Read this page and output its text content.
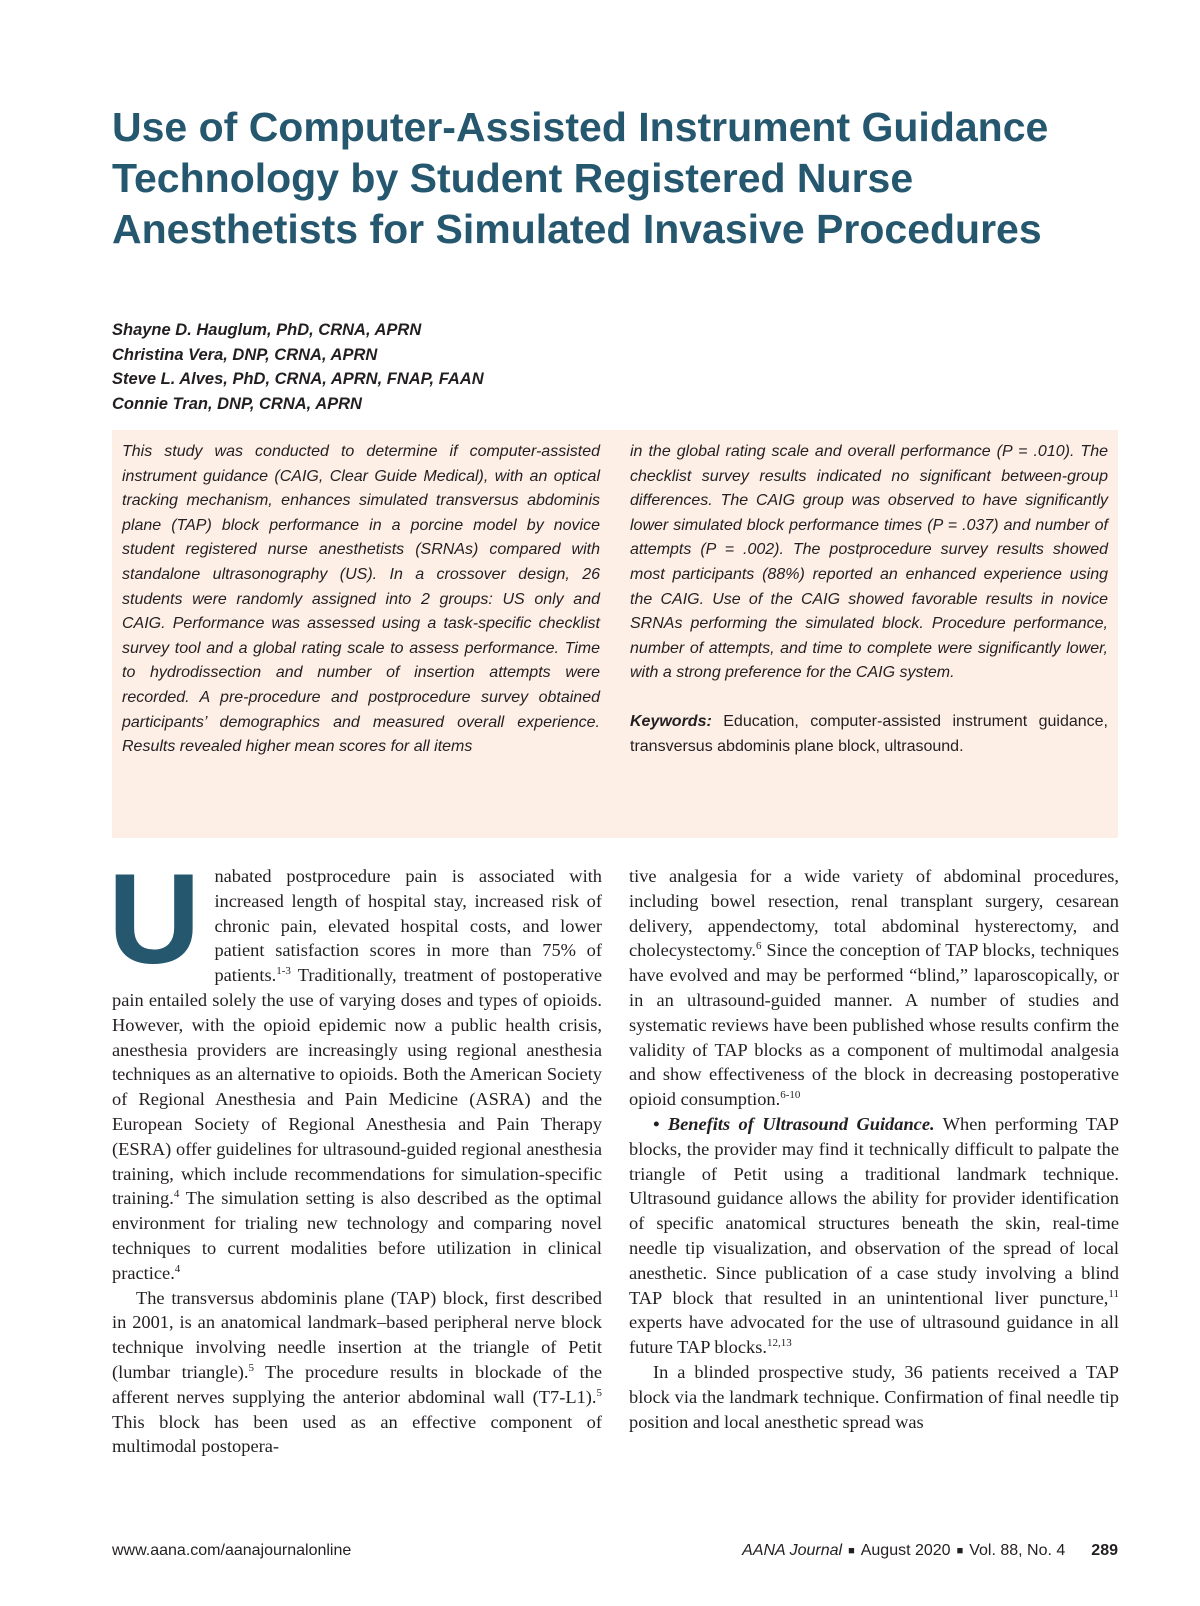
Use of Computer-Assisted Instrument Guidance
Technology by Student Registered Nurse
Anesthetists for Simulated Invasive Procedures
Shayne D. Hauglum, PhD, CRNA, APRN
Christina Vera, DNP, CRNA, APRN
Steve L. Alves, PhD, CRNA, APRN, FNAP, FAAN
Connie Tran, DNP, CRNA, APRN

This study was conducted to determine if computer-assisted instrument guidance (CAIG, Clear Guide Medical), with an optical tracking mechanism, enhances simulated transversus abdominis plane (TAP) block performance in a porcine model by novice student registered nurse anesthetists (SRNAs) compared with standalone ultrasonography (US). In a crossover design, 26 students were randomly assigned into 2 groups: US only and CAIG. Performance was assessed using a task-specific checklist survey tool and a global rating scale to assess performance. Time to hydrodissection and number of insertion attempts were recorded. A pre-procedure and postprocedure survey obtained participants’ demographics and measured overall experience. Results revealed higher mean scores for all items

in the global rating scale and overall performance (P = .010). The checklist survey results indicated no significant between-group differences. The CAIG group was observed to have significantly lower simulated block performance times (P = .037) and number of attempts (P = .002). The postprocedure survey results showed most participants (88%) reported an enhanced experience using the CAIG. Use of the CAIG showed favorable results in novice SRNAs performing the simulated block. Procedure performance, number of attempts, and time to complete were significantly lower, with a strong preference for the CAIG system.

Keywords: Education, computer-assisted instrument guidance, transversus abdominis plane block, ultrasound.

Unabated postprocedure pain is associated with increased length of hospital stay, increased risk of chronic pain, elevated hospital costs, and lower patient satisfaction scores in more than 75% of patients.$^{1-3}$ Traditionally, treatment of postoperative pain entailed solely the use of varying doses and types of opioids. However, with the opioid epidemic now a public health crisis, anesthesia providers are increasingly using regional anesthesia techniques as an alternative to opioids. Both the American Society of Regional Anesthesia and Pain Medicine (ASRA) and the European Society of Regional Anesthesia and Pain Therapy (ESRA) offer guidelines for ultrasound-guided regional anesthesia training, which include recommendations for simulation-specific training.$^4$ The simulation setting is also described as the optimal environment for trialing new technology and comparing novel techniques to current modalities before utilization in clinical practice.$^4$

The transversus abdominis plane (TAP) block, first described in 2001, is an anatomical landmark–based peripheral nerve block technique involving needle insertion at the triangle of Petit (lumbar triangle).$^5$ The procedure results in blockade of the afferent nerves supplying the anterior abdominal wall (T7-L1).$^5$ This block has been used as an effective component of multimodal postopera-

tive analgesia for a wide variety of abdominal procedures, including bowel resection, renal transplant surgery, cesarean delivery, appendectomy, total abdominal hysterectomy, and cholecystectomy.$^6$ Since the conception of TAP blocks, techniques have evolved and may be performed “blind,” laparoscopically, or in an ultrasound-guided manner. A number of studies and systematic reviews have been published whose results confirm the validity of TAP blocks as a component of multimodal analgesia and show effectiveness of the block in decreasing postoperative opioid consumption.$^{6-10}$

• Benefits of Ultrasound Guidance. When performing TAP blocks, the provider may find it technically difficult to palpate the triangle of Petit using a traditional landmark technique. Ultrasound guidance allows the ability for provider identification of specific anatomical structures beneath the skin, real-time needle tip visualization, and observation of the spread of local anesthetic. Since publication of a case study involving a blind TAP block that resulted in an unintentional liver puncture,$^{11}$ experts have advocated for the use of ultrasound guidance in all future TAP blocks.$^{12,13}$

In a blinded prospective study, 36 patients received a TAP block via the landmark technique. Confirmation of final needle tip position and local anesthetic spread was

www.aana.com/aanajournalonline	AANA Journal ■ August 2020 ■ Vol. 88, No. 4 289
